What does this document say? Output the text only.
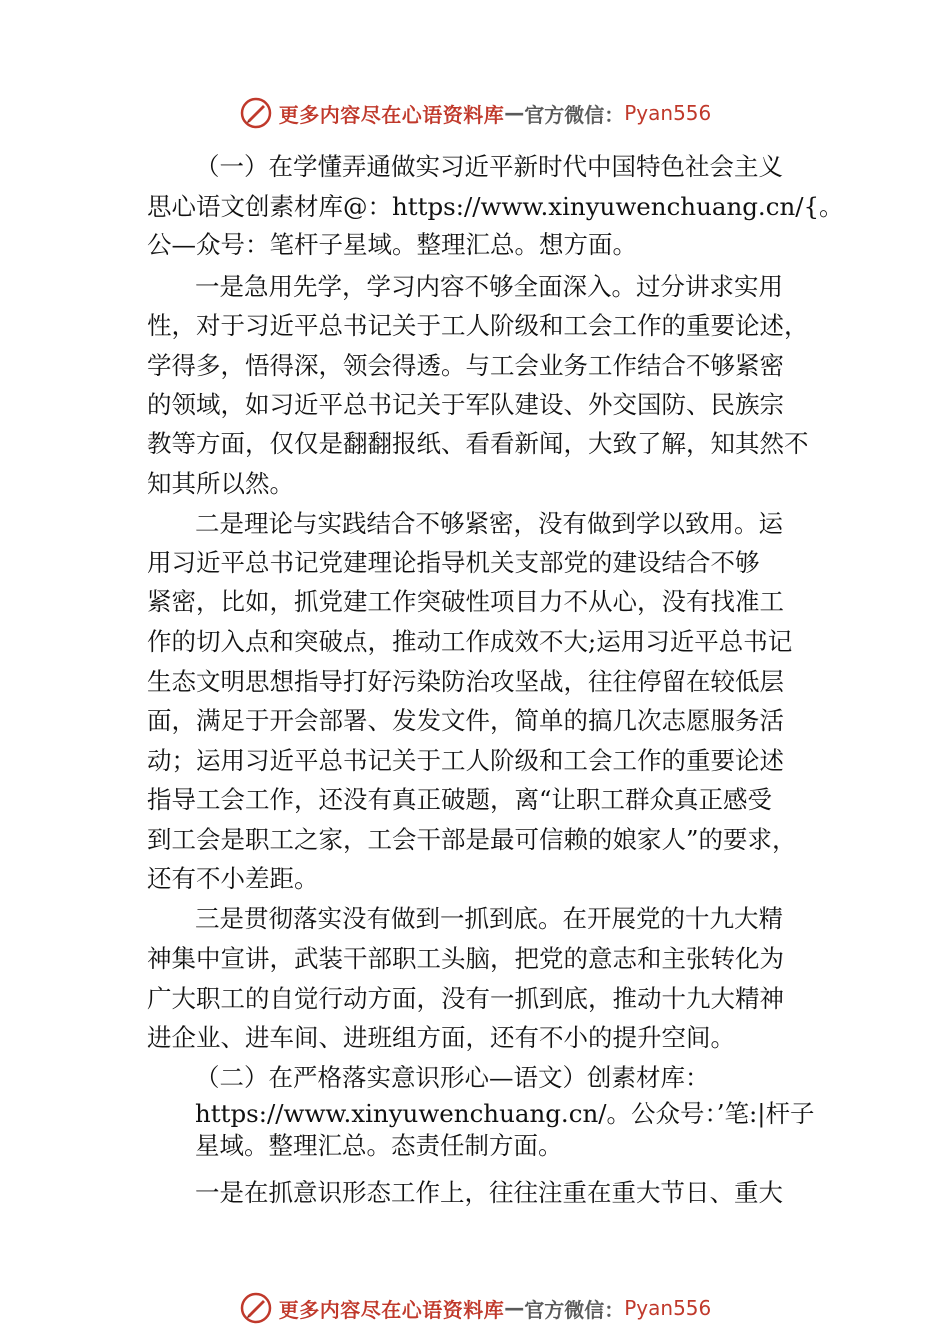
更多内容尽在心语资料库 — 官方微信： Pyan556
（一）在学懂弄通做实习近平新时代中国特色社会主义
思心语文创素材库@：https://www.xinyuwenchuang.cn/{。
公—众号：笔杆子星域。整理汇总。想方面。
一是急用先学，学习内容不够全面深入。过分讲求实用
性，对于习近平总书记关于工人阶级和工会工作的重要论述，
学得多，悟得深，领会得透。与工会业务工作结合不够紧密
的领域，如习近平总书记关于军队建设、外交国防、民族宗
教等方面，仅仅是翻翻报纸、看看新闻，大致了解，知其然不
知其所以然。
二是理论与实践结合不够紧密，没有做到学以致用。运
用习近平总书记党建理论指导机关支部党的建设结合不够
紧密，比如，抓党建工作突破性项目力不从心，没有找准工
作的切入点和突破点，推动工作成效不大;运用习近平总书记
生态文明思想指导打好污染防治攻坚战，往往停留在较低层
面，满足于开会部署、发发文件，简单的搞几次志愿服务活
动；运用习近平总书记关于工人阶级和工会工作的重要论述
指导工会工作，还没有真正破题，离“让职工群众真正感受
到工会是职工之家，工会干部是最可信赖的娘家人”的要求，
还有不小差距。
三是贯彻落实没有做到一抓到底。在开展党的十九大精
神集中宣讲，武装干部职工头脑，把党的意志和主张转化为
广大职工的自觉行动方面，没有一抓到底，推动十九大精神
进企业、进车间、进班组方面，还有不小的提升空间。
（二）在严格落实意识形心—语文）创素材库：
https://www.xinyuwenchuang.cn/。公众号：’笔:|杆子
星域。整理汇总。态责任制方面。
一是在抓意识形态工作上，往往注重在重大节日、重大
更多内容尽在心语资料库 — 官方微信： Pyan556
